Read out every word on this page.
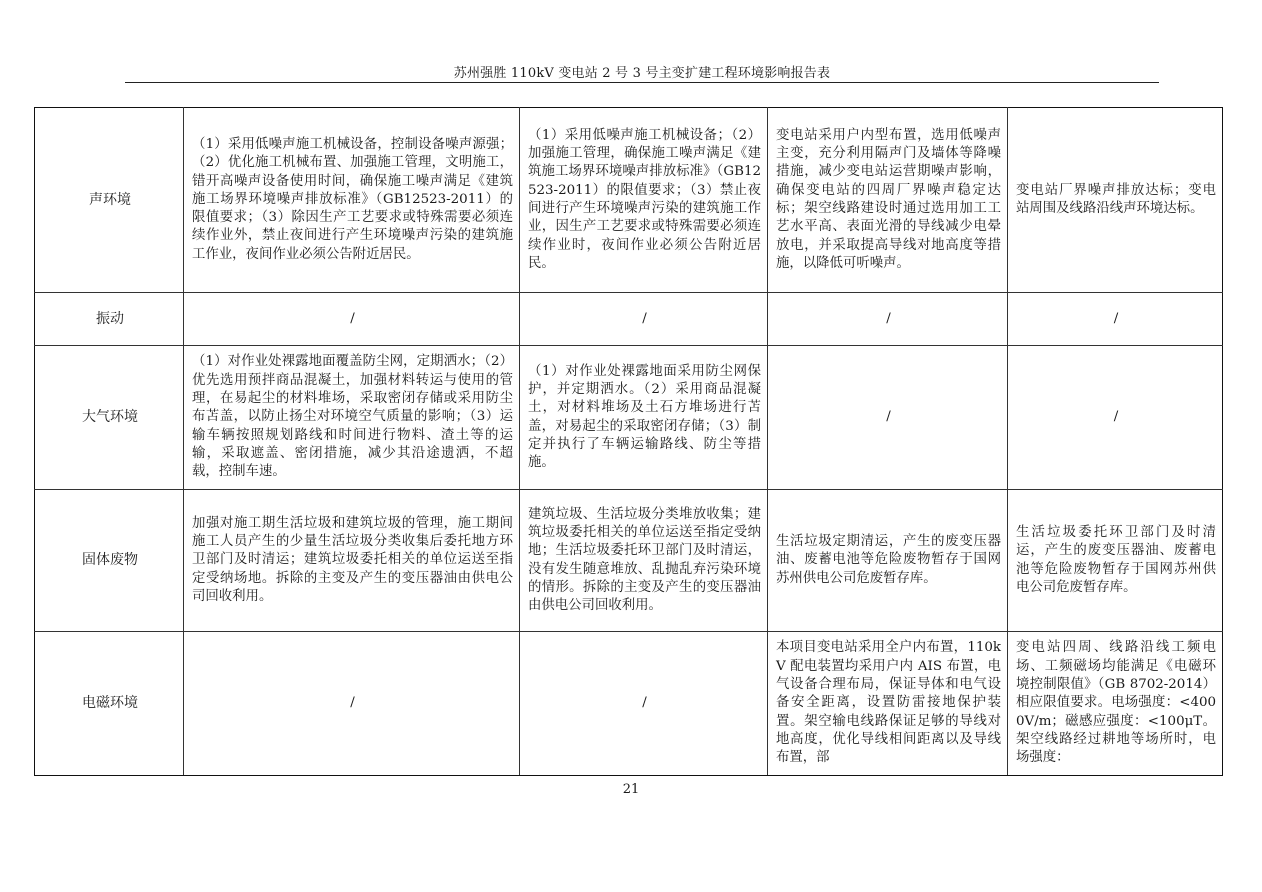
苏州强胜 110kV 变电站 2 号 3 号主变扩建工程环境影响报告表
声环境	（1）采用低噪声施工机械设备，控制设备噪声源强；（2）优化施工机械布置、加强施工管理，文明施工，错开高噪声设备使用时间，确保施工噪声满足《建筑施工场界环境噪声排放标准》（GB12523-2011）的限值要求；（3）除因生产工艺要求或特殊需要必须连续作业外，禁止夜间进行产生环境噪声污染的建筑施工作业，夜间作业必须公告附近居民。	（1）采用低噪声施工机械设备；（2）加强施工管理，确保施工噪声满足《建筑施工场界环境噪声排放标准》（GB12523-2011）的限值要求；（3）禁止夜间进行产生环境噪声污染的建筑施工作业，因生产工艺要求或特殊需要必须连续作业时，夜间作业必须公告附近居民。	变电站采用户内型布置，选用低噪声主变，充分利用隔声门及墙体等降噪措施，减少变电站运营期噪声影响，确保变电站的四周厂界噪声稳定达标；架空线路建设时通过选用加工工艺水平高、表面光滑的导线减少电晕放电，并采取提高导线对地高度等措施，以降低可听噪声。	变电站厂界噪声排放达标；变电站周围及线路沿线声环境达标。

振动	/	/	/	/
大气环境	（1）对作业处裸露地面覆盖防尘网，定期洒水；（2）优先选用预拌商品混凝土，加强材料转运与使用的管理，在易起尘的材料堆场，采取密闭存储或采用防尘布苫盖，以防止扬尘对环境空气质量的影响；（3）运输车辆按照规划路线和时间进行物料、渣土等的运输，采取遮盖、密闭措施，减少其沿途遗洒，不超载，控制车速。	（1）对作业处裸露地面采用防尘网保护，并定期洒水。（2）采用商品混凝土，对材料堆场及土石方堆场进行苫盖，对易起尘的采取密闭存储；（3）制定并执行了车辆运输路线、防尘等措施。	/	/
固体废物	加强对施工期生活垃圾和建筑垃圾的管理，施工期间施工人员产生的少量生活垃圾分类收集后委托地方环卫部门及时清运；建筑垃圾委托相关的单位运送至指定受纳场地。拆除的主变及产生的变压器油由供电公司回收利用。	建筑垃圾、生活垃圾分类堆放收集；建筑垃圾委托相关的单位运送至指定受纳地；生活垃圾委托环卫部门及时清运，没有发生随意堆放、乱抛乱弃污染环境的情形。拆除的主变及产生的变压器油由供电公司回收利用。	生活垃圾定期清运，产生的废变压器油、废蓄电池等危险废物暂存于国网苏州供电公司危废暂存库。	生活垃圾委托环卫部门及时清运，产生的废变压器油、废蓄电池等危险废物暂存于国网苏州供电公司危废暂存库。

电磁环境	/	/	本项目变电站采用全户内布置，110kV 配电装置均采用户内 AIS 布置，电气设备合理布局，保证导体和电气设备安全距离，设置防雷接地保护装置。架空输电线路保证足够的导线对地高度，优化导线相间距离以及导线布置，部	变电站四周、线路沿线工频电场、工频磁场均能满足《电磁环境控制限值》（GB 8702-2014）相应限值要求。电场强度：<4000V/m；磁感应强度：<100μT。架空线路经过耕地等场所时，电场强度：
21
